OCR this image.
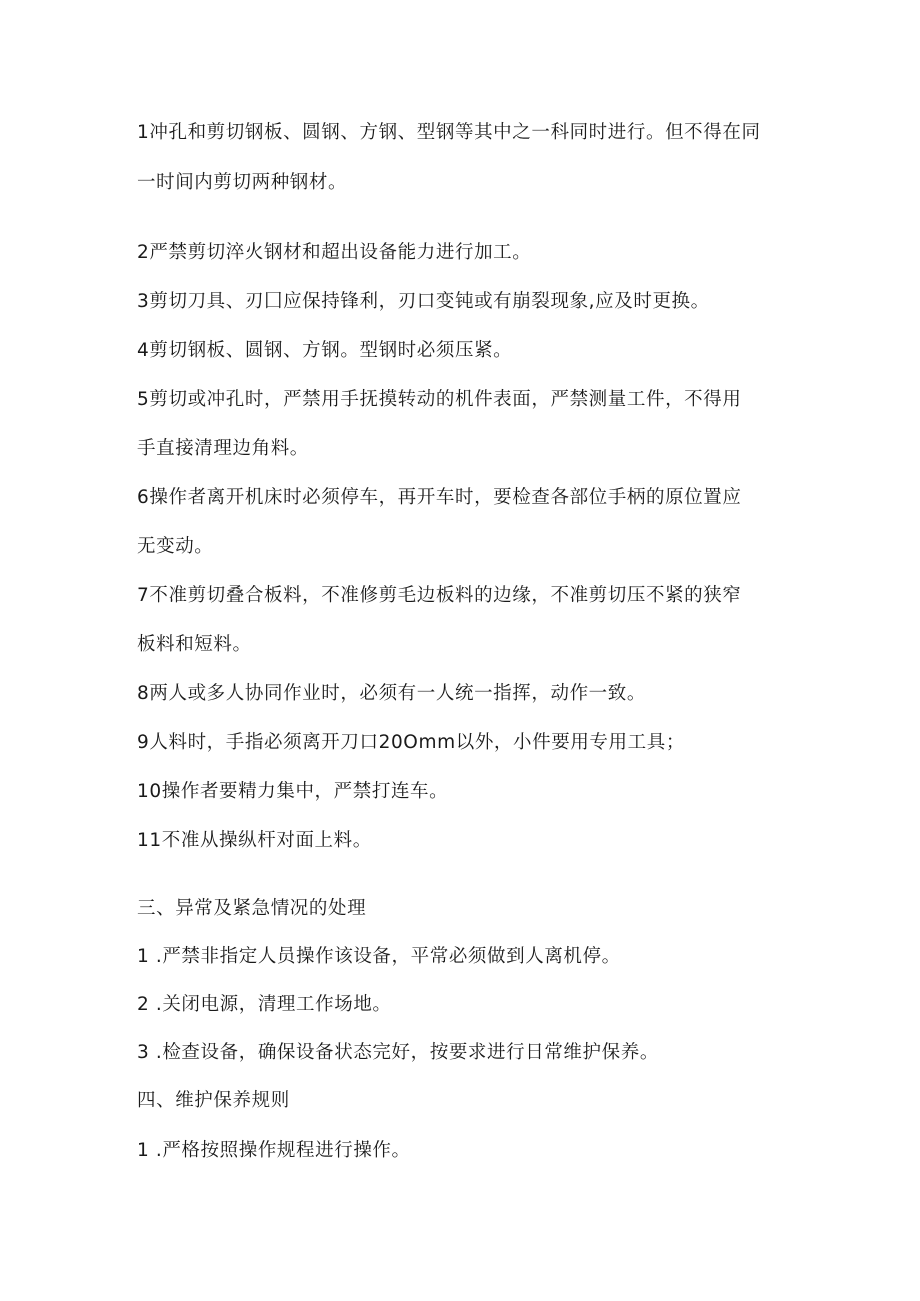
1冲孔和剪切钢板、圆钢、方钢、型钢等其中之一科同时进行。但不得在同
一时间内剪切两种钢材。
2严禁剪切淬火钢材和超出设备能力进行加工。
3剪切刀具、刃囗应保持锋利，刃口变钝或有崩裂现象,应及时更换。
4剪切钢板、圆钢、方钢。型钢时必须压紧。
5剪切或冲孔时，严禁用手抚摸转动的机件表面，严禁测量工件，不得用
手直接清理边角料。
6操作者离开机床时必须停车，再开车时，要检查各部位手柄的原位置应
无变动。
7不准剪切叠合板料，不准修剪毛边板料的边缘，不准剪切压不紧的狭窄
板料和短料。
8两人或多人协同作业时，必须有一人统一指挥，动作一致。
9人料时，手指必须离开刀口20Omm以外，小件要用专用工具；
10操作者要精力集中，严禁打连车。
11不准从操纵杆对面上料。
三、异常及紧急情况的处理
1 .严禁非指定人员操作该设备，平常必须做到人离机停。
2 .关闭电源，清理工作场地。
3 .检查设备，确保设备状态完好，按要求进行日常维护保养。
四、维护保养规则
1 .严格按照操作规程进行操作。
